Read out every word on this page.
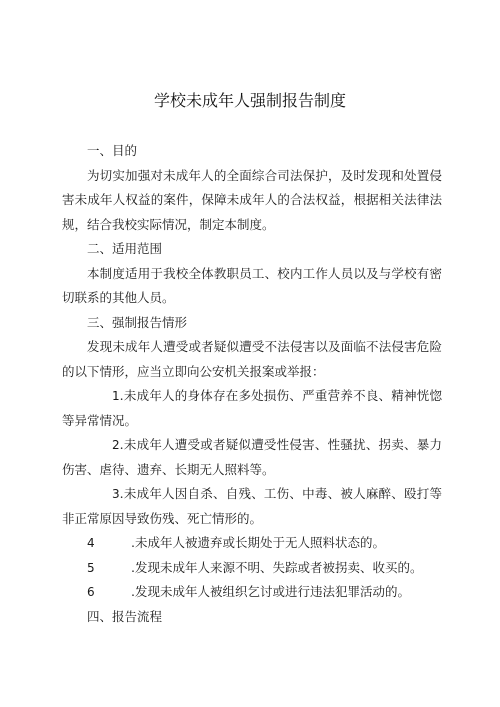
学校未成年人强制报告制度

一、目的

为切实加强对未成年人的全面综合司法保护，及时发现和处置侵害未成年人权益的案件，保障未成年人的合法权益，根据相关法律法规，结合我校实际情况，制定本制度。

二、适用范围

本制度适用于我校全体教职员工、校内工作人员以及与学校有密切联系的其他人员。

三、强制报告情形

发现未成年人遭受或者疑似遭受不法侵害以及面临不法侵害危险的以下情形，应当立即向公安机关报案或举报：

1.未成年人的身体存在多处损伤、严重营养不良、精神恍惚等异常情况。

2.未成年人遭受或者疑似遭受性侵害、性骚扰、拐卖、暴力伤害、虐待、遗弃、长期无人照料等。

3.未成年人因自杀、自残、工伤、中毒、被人麻醉、殴打等非正常原因导致伤残、死亡情形的。

4	.未成年人被遗弃或长期处于无人照料状态的。

5	.发现未成年人来源不明、失踪或者被拐卖、收买的。

6	.发现未成年人被组织乞讨或进行违法犯罪活动的。

四、报告流程
